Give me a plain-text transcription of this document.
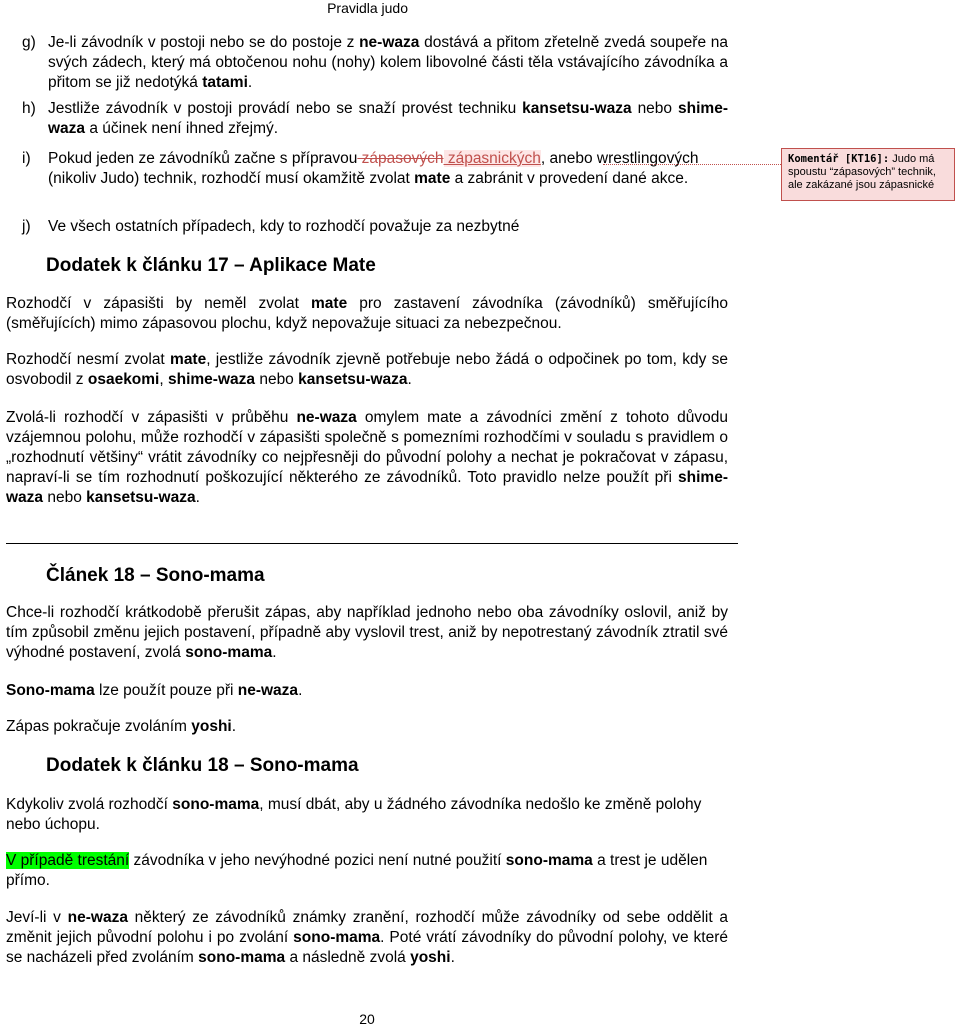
Pravidla judo
g) Je-li závodník v postoji nebo se do postoje z ne-waza dostává a přitom zřetelně zvedá soupeře na svých zádech, který má obtočenou nohu (nohy) kolem libovolné části těla vstávajícího závodníka a přitom se již nedotýká tatami.
h) Jestliže závodník v postoji provádí nebo se snaží provést techniku kansetsu-waza nebo shime-waza a účinek není ihned zřejmý.
i) Pokud jeden ze závodníků začne s přípravou zápasových zápasnických, anebo wrestlingových (nikoliv Judo) technik, rozhodčí musí okamžitě zvolat mate a zabránit v provedení dané akce.
Komentář [KT16]: Judo má spoustu “zápasových” technik, ale zakázané jsou zápasnické
j) Ve všech ostatních případech, kdy to rozhodčí považuje za nezbytné
Dodatek k článku 17 – Aplikace Mate
Rozhodčí v zápasišti by neměl zvolat mate pro zastavení závodníka (závodníků) směřujícího (směřujících) mimo zápasovou plochu, když nepovažuje situaci za nebezpečnou.
Rozhodčí nesmí zvolat mate, jestliže závodník zjevně potřebuje nebo žádá o odpočinek po tom, kdy se osvobodil z osaekomi, shime-waza nebo kansetsu-waza.
Zvolá-li rozhodčí v zápasišti v průběhu ne-waza omylem mate a závodníci změní z tohoto důvodu vzájemnou polohu, může rozhodčí v zápasišti společně s pomezními rozhodčími v souladu s pravidlem o „rozhodnutí většiny“ vrátit závodníky co nejpřesněji do původní polohy a nechat je pokračovat v zápasu, napraví-li se tím rozhodnutí poškozující některého ze závodníků. Toto pravidlo nelze použít při shime-waza nebo kansetsu-waza.
Článek 18 – Sono-mama
Chce-li rozhodčí krátkodobě přerušit zápas, aby například jednoho nebo oba závodníky oslovil, aniž by tím způsobil změnu jejich postavení, případně aby vyslovil trest, aniž by nepotrestaný závodník ztratil své výhodné postavení, zvolá sono-mama.
Sono-mama lze použít pouze při ne-waza.
Zápas pokračuje zvoláním yoshi.
Dodatek k článku 18 – Sono-mama
Kdykoliv zvolá rozhodčí sono-mama, musí dbát, aby u žádného závodníka nedošlo ke změně polohy nebo úchopu.
V případě trestání závodníka v jeho nevýhodné pozici není nutné použití sono-mama a trest je udělen přímo.
Jeví-li v ne-waza některý ze závodníků známky zranění, rozhodčí může závodníky od sebe oddělit a změnit jejich původní polohu i po zvolání sono-mama. Poté vrátí závodníky do původní polohy, ve které se nacházeli před zvoláním sono-mama a následně zvolá yoshi.
20
